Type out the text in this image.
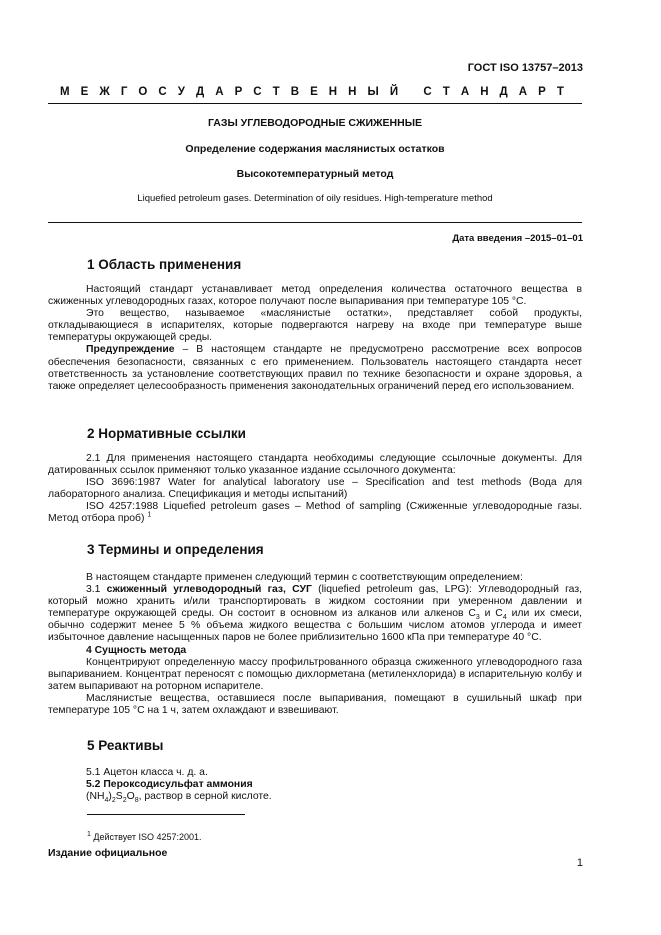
ГОСТ ISO 13757–2013
М Е Ж Г О С У Д А Р С Т В Е Н Н Ы Й
С Т А Н Д А Р Т
ГАЗЫ УГЛЕВОДОРОДНЫЕ СЖИЖЕННЫЕ
Определение содержания маслянистых остатков
Высокотемпературный метод
Liquefied petroleum gases. Determination of oily residues. High-temperature method
Дата введения –2015–01–01
1 Область применения

Настоящий стандарт устанавливает метод определения количества остаточного вещества в сжиженных углеводородных газах, которое получают после выпаривания при температуре 105 °С.

Это вещество, называемое «маслянистые остатки», представляет собой продукты, откладывающиеся в испарителях, которые подвергаются нагреву на входе при температуре выше температуры окружающей среды.

Предупреждение – В настоящем стандарте не предусмотрено рассмотрение всех вопросов обеспечения безопасности, связанных с его применением. Пользователь настоящего стандарта несет ответственность за установление соответствующих правил по технике безопасности и охране здоровья, а также определяет целесообразность применения законодательных ограничений перед его использованием.

2 Нормативные ссылки

2.1 Для применения настоящего стандарта необходимы следующие ссылочные документы. Для датированных ссылок применяют только указанное издание ссылочного документа:

ISO 3696:1987 Water for analytical laboratory use – Specification and test methods (Вода для лабораторного анализа. Спецификация и методы испытаний)

ISO 4257:1988 Liquefied petroleum gases – Method of sampling (Сжиженные углеводородные газы. Метод отбора проб) $^1$

3 Термины и определения

В настоящем стандарте применен следующий термин с соответствующим определением:

3.1 сжиженный углеводородный газ, СУГ (liquefied petroleum gas, LPG): Углеводородный газ, который можно хранить и/или транспортировать в жидком состоянии при умеренном давлении и температуре окружающей среды. Он состоит в основном из алканов или алкенов $С_3$ и $С_4$ или их смеси, обычно содержит менее 5 % объема жидкого вещества с большим числом атомов углерода и имеет избыточное давление насыщенных паров не более приблизительно 1600 кПа при температуре 40 °С.

4 Сущность метода

Концентрируют определенную массу профильтрованного образца сжиженного углеводородного газа выпариванием. Концентрат переносят с помощью дихлорметана (метиленхлорида) в испарительную колбу и затем выпаривают на роторном испарителе.

Маслянистые вещества, оставшиеся после выпаривания, помещают в сушильный шкаф при температуре 105 °С на 1 ч, затем охлаждают и взвешивают.

5 Реактивы

5.1 Ацетон класса ч. д. а.

5.2 Пероксодисульфат аммония

$(NH_4)_2S_2O_8$, раствор в серной кислоте.

$^1$ Действует ISO 4257:2001.
Издание официальное
1
